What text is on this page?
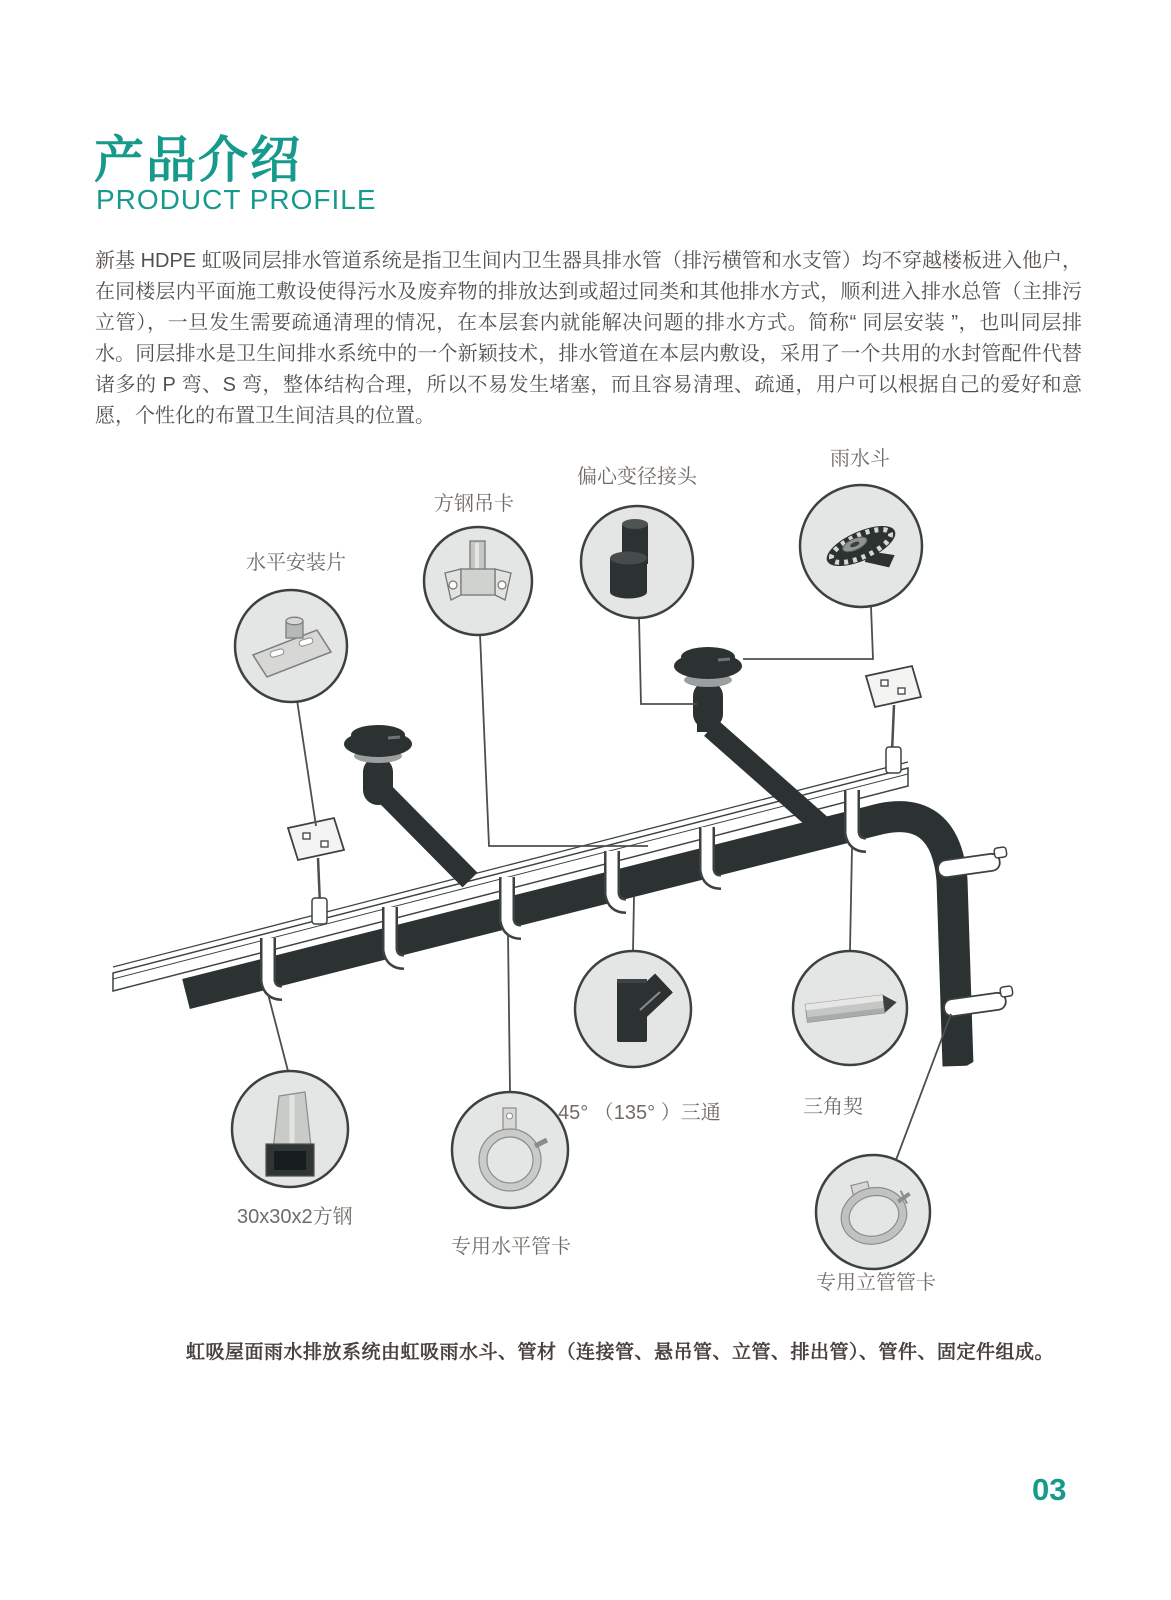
产品介绍
PRODUCT PROFILE
新基 HDPE 虹吸同层排水管道系统是指卫生间内卫生器具排水管（排污横管和水支管）均不穿越楼板进入他户，在同楼层内平面施工敷设使得污水及废弃物的排放达到或超过同类和其他排水方式，顺利进入排水总管（主排污立管），一旦发生需要疏通清理的情况，在本层套内就能解决问题的排水方式。简称“ 同层安装 ”，也叫同层排水。同层排水是卫生间排水系统中的一个新颖技术，排水管道在本层内敷设，采用了一个共用的水封管配件代替诸多的 P 弯、S 弯，整体结构合理，所以不易发生堵塞，而且容易清理、疏通，用户可以根据自己的爱好和意愿，个性化的布置卫生间洁具的位置。
水平安装片
方钢吊卡
偏心变径接头
雨水斗
45° （135° ）三通	三角契
30x30x2方钢
专用水平管卡
专用立管管卡
虹吸屋面雨水排放系统由虹吸雨水斗、管材（连接管、悬吊管、立管、排出管）、管件、固定件组成。
03
